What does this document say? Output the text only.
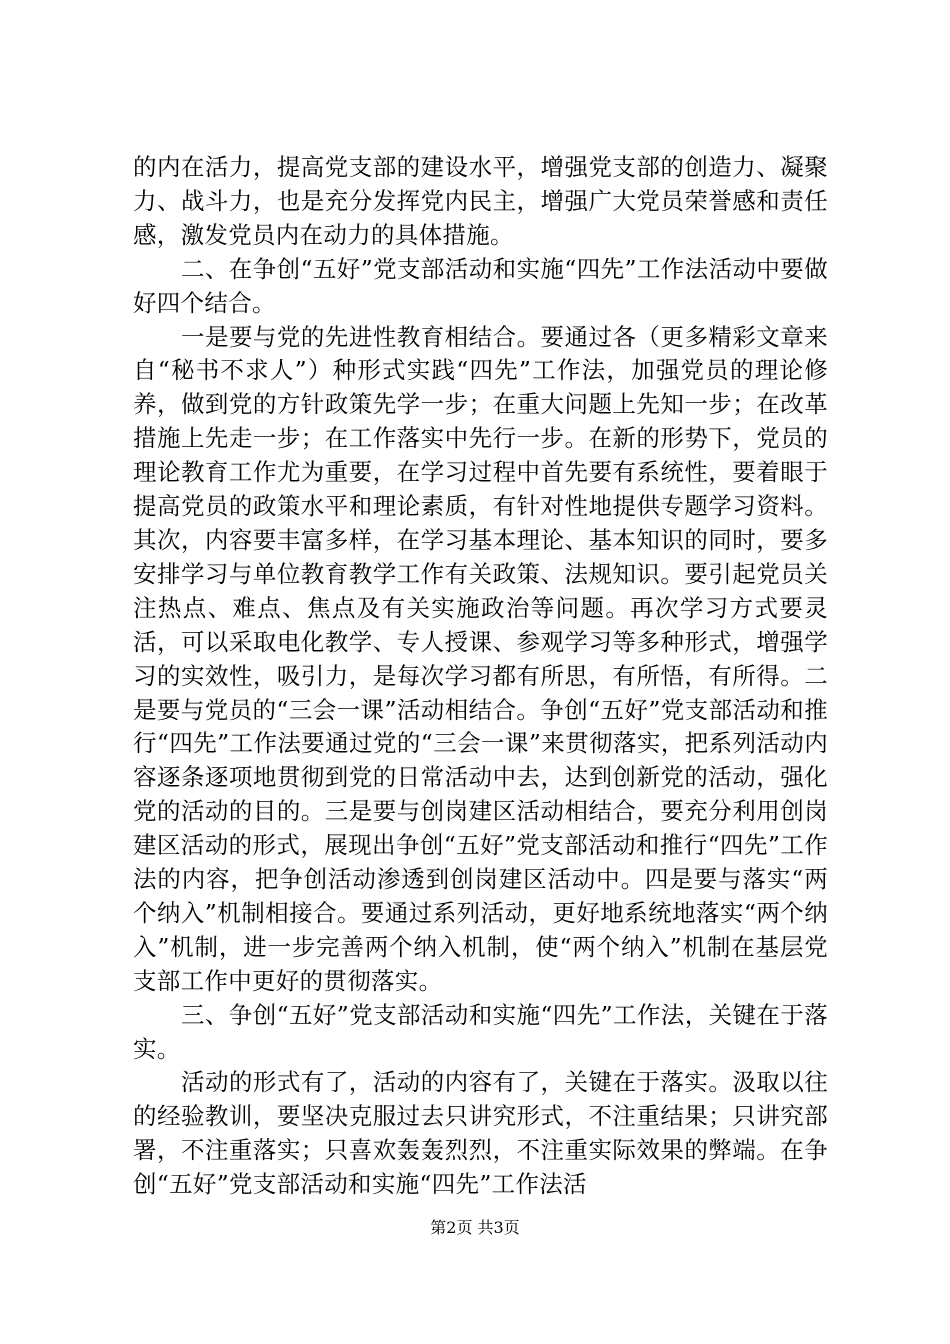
的内在活力，提高党支部的建设水平，增强党支部的创造力、凝聚力、战斗力，也是充分发挥党内民主，增强广大党员荣誉感和责任感，激发党员内在动力的具体措施。

二、在争创“五好”党支部活动和实施“四先”工作法活动中要做好四个结合。

一是要与党的先进性教育相结合。要通过各（更多精彩文章来自“秘书不求人”）种形式实践“四先”工作法，加强党员的理论修养，做到党的方针政策先学一步；在重大问题上先知一步；在改革措施上先走一步；在工作落实中先行一步。在新的形势下，党员的理论教育工作尤为重要，在学习过程中首先要有系统性，要着眼于提高党员的政策水平和理论素质，有针对性地提供专题学习资料。其次，内容要丰富多样，在学习基本理论、基本知识的同时，要多安排学习与单位教育教学工作有关政策、法规知识。要引起党员关注热点、难点、焦点及有关实施政治等问题。再次学习方式要灵活，可以采取电化教学、专人授课、参观学习等多种形式，增强学习的实效性，吸引力，是每次学习都有所思，有所悟，有所得。二是要与党员的“三会一课”活动相结合。争创“五好”党支部活动和推行“四先”工作法要通过党的“三会一课”来贯彻落实，把系列活动内容逐条逐项地贯彻到党的日常活动中去，达到创新党的活动，强化党的活动的目的。三是要与创岗建区活动相结合，要充分利用创岗建区活动的形式，展现出争创“五好”党支部活动和推行“四先”工作法的内容，把争创活动渗透到创岗建区活动中。四是要与落实“两个纳入”机制相接合。要通过系列活动，更好地系统地落实“两个纳入”机制，进一步完善两个纳入机制，使“两个纳入”机制在基层党支部工作中更好的贯彻落实。

三、争创“五好”党支部活动和实施“四先”工作法，关键在于落实。

活动的形式有了，活动的内容有了，关键在于落实。汲取以往的经验教训，要坚决克服过去只讲究形式，不注重结果；只讲究部署，不注重落实；只喜欢轰轰烈烈，不注重实际效果的弊端。在争创“五好”党支部活动和实施“四先”工作法活

第2页 共3页
